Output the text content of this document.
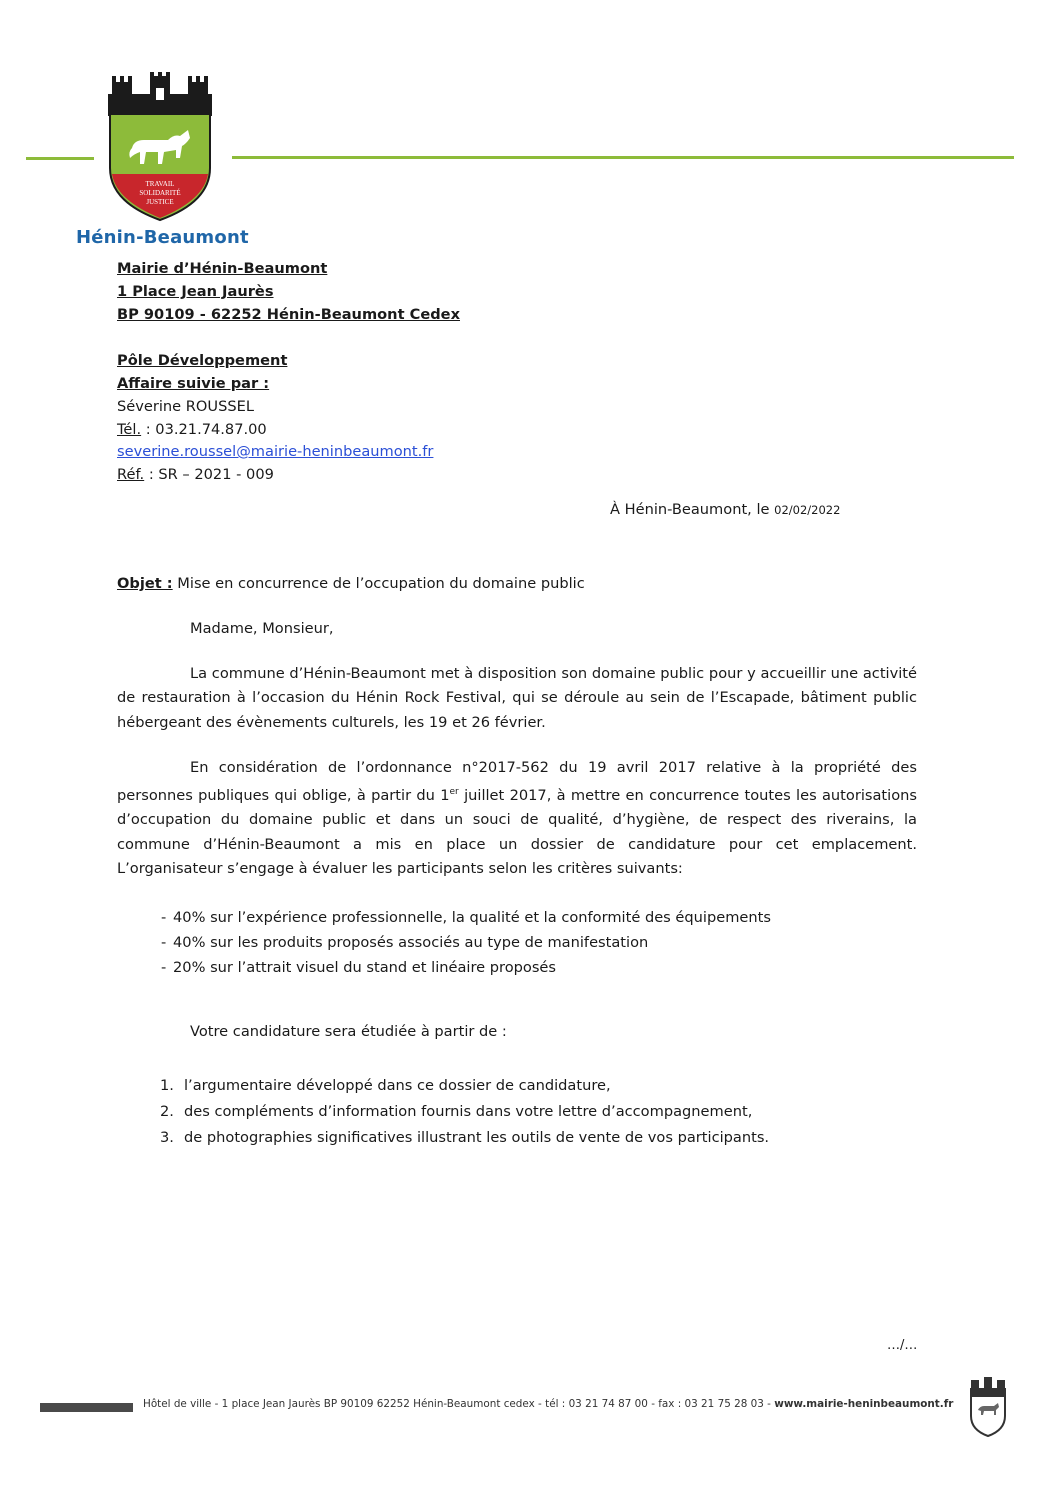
TRAVAIL
SOLIDARITÉ
JUSTICE
Hénin-Beaumont
Mairie d’Hénin-Beaumont
1 Place Jean Jaurès
BP 90109 - 62252 Hénin-Beaumont Cedex
Pôle Développement
Affaire suivie par :
Séverine ROUSSEL
Tél. : 03.21.74.87.00
severine.roussel@mairie-heninbeaumont.fr
Réf. : SR – 2021 - 009
À Hénin-Beaumont, le 02/02/2022
Objet : Mise en concurrence de l’occupation du domaine public
Madame, Monsieur,
La commune d’Hénin-Beaumont met à disposition son domaine public pour y accueillir une activité de restauration à l’occasion du Hénin Rock Festival, qui se déroule au sein de l’Escapade, bâtiment public hébergeant des évènements culturels, les 19 et 26 février.
En considération de l’ordonnance n°2017-562 du 19 avril 2017 relative à la propriété des personnes publiques qui oblige, à partir du 1er juillet 2017, à mettre en concurrence toutes les autorisations d’occupation du domaine public et dans un souci de qualité, d’hygiène, de respect des riverains, la commune d’Hénin-Beaumont a mis en place un dossier de candidature pour cet emplacement. L’organisateur s’engage à évaluer les participants selon les critères suivants:
- 40% sur l’expérience professionnelle, la qualité et la conformité des équipements
- 40% sur les produits proposés associés au type de manifestation
- 20% sur l’attrait visuel du stand et linéaire proposés
Votre candidature sera étudiée à partir de :
1. l’argumentaire développé dans ce dossier de candidature,
2. des compléments d’information fournis dans votre lettre d’accompagnement,
3. de photographies significatives illustrant les outils de vente de vos participants.
…/…
Hôtel de ville - 1 place Jean Jaurès BP 90109 62252 Hénin-Beaumont cedex - tél : 03 21 74 87 00 - fax : 03 21 75 28 03 - www.mairie-heninbeaumont.fr
